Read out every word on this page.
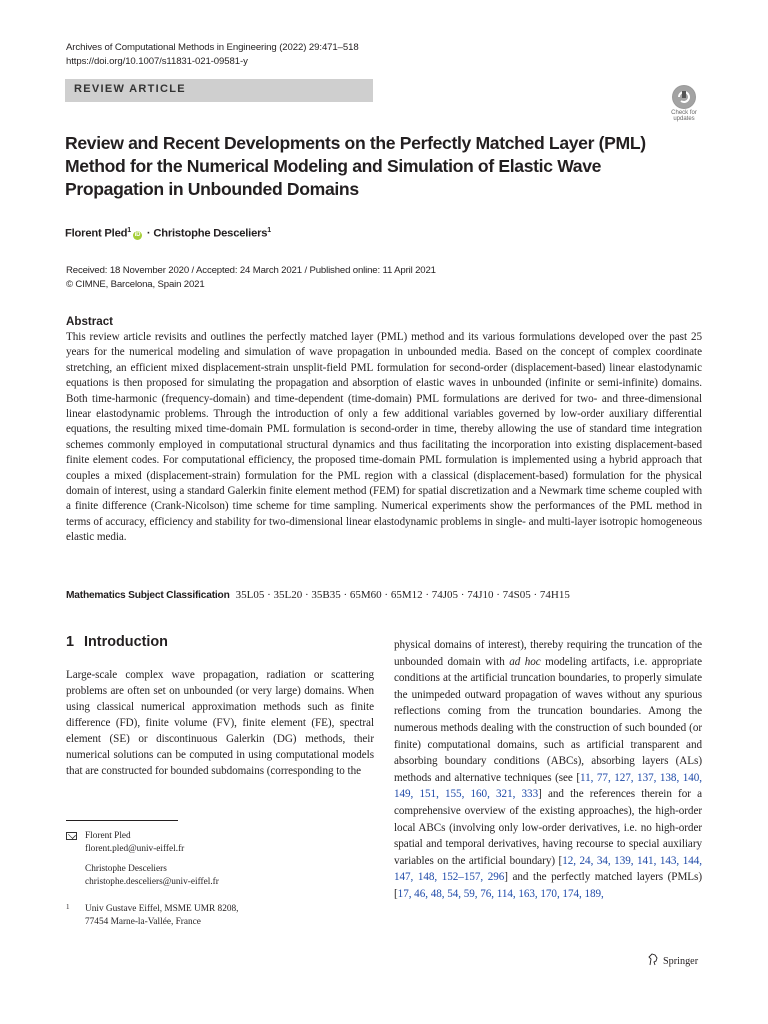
Archives of Computational Methods in Engineering (2022) 29:471–518
https://doi.org/10.1007/s11831-021-09581-y
REVIEW ARTICLE
Check for
updates
Review and Recent Developments on the Perfectly Matched Layer (PML) Method for the Numerical Modeling and Simulation of Elastic Wave Propagation in Unbounded Domains
Florent Pled$^1$iD · Christophe Desceliers$^1$
Received: 18 November 2020 / Accepted: 24 March 2021 / Published online: 11 April 2021
© CIMNE, Barcelona, Spain 2021
Abstract
This review article revisits and outlines the perfectly matched layer (PML) method and its various formulations developed over the past 25 years for the numerical modeling and simulation of wave propagation in unbounded media. Based on the concept of complex coordinate stretching, an efficient mixed displacement-strain unsplit-field PML formulation for second-order (displacement-based) linear elastodynamic equations is then proposed for simulating the propagation and absorption of elastic waves in unbounded (infinite or semi-infinite) domains. Both time-harmonic (frequency-domain) and time-dependent (time-domain) PML formulations are derived for two- and three-dimensional linear elastodynamic problems. Through the introduction of only a few additional variables governed by low-order auxiliary differential equations, the resulting mixed time-domain PML formulation is second-order in time, thereby allowing the use of standard time integration schemes commonly employed in computational structural dynamics and thus facilitating the incorporation into existing displacement-based finite element codes. For computational efficiency, the proposed time-domain PML formulation is implemented using a hybrid approach that couples a mixed (displacement-strain) formulation for the PML region with a classical (displacement-based) formulation for the physical domain of interest, using a standard Galerkin finite element method (FEM) for spatial discretization and a Newmark time scheme coupled with a finite difference (Crank-Nicolson) time scheme for time sampling. Numerical experiments show the performances of the PML method in terms of accuracy, efficiency and stability for two-dimensional linear elastodynamic problems in single- and multi-layer isotropic homogeneous elastic media.
Mathematics Subject Classification 35L05 · 35L20 · 35B35 · 65M60 · 65M12 · 74J05 · 74J10 · 74S05 · 74H15
1 Introduction
Large-scale complex wave propagation, radiation or scattering problems are often set on unbounded (or very large) domains. When using classical numerical approximation methods such as finite difference (FD), finite volume (FV), finite element (FE), spectral element (SE) or discontinuous Galerkin (DG) methods, their numerical solutions can be computed in using computational models that are constructed for bounded subdomains (corresponding to the
Florent Pled
florent.pled@univ-eiffel.fr
Christophe Desceliers
christophe.desceliers@univ-eiffel.fr
1 Univ Gustave Eiffel, MSME UMR 8208,
77454 Marne-la-Vallée, France
physical domains of interest), thereby requiring the truncation of the unbounded domain with ad hoc modeling artifacts, i.e. appropriate conditions at the artificial truncation boundaries, to properly simulate the unimpeded outward propagation of waves without any spurious reflections coming from the truncation boundaries. Among the numerous methods dealing with the construction of such bounded (or finite) computational domains, such as artificial transparent and absorbing boundary conditions (ABCs), absorbing layers (ALs) methods and alternative techniques (see [11, 77, 127, 137, 138, 140, 149, 151, 155, 160, 321, 333] and the references therein for a comprehensive overview of the existing approaches), the high-order local ABCs (involving only low-order derivatives, i.e. no high-order spatial and temporal derivatives, having recourse to special auxiliary variables on the artificial boundary) [12, 24, 34, 139, 141, 143, 144, 147, 148, 152–157, 296] and the perfectly matched layers (PMLs) [17, 46, 48, 54, 59, 76, 114, 163, 170, 174, 189,
Springer
